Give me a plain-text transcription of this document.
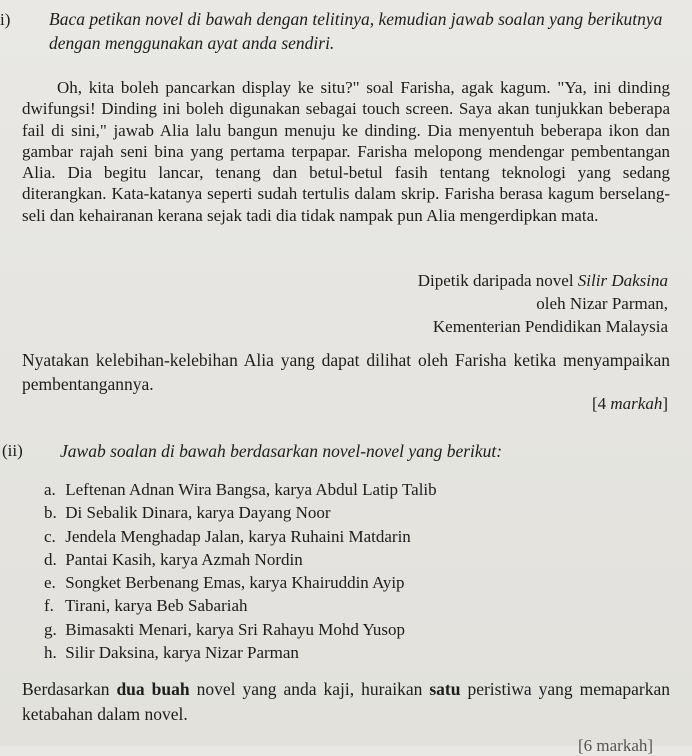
i) Baca petikan novel di bawah dengan telitinya, kemudian jawab soalan yang berikutnya dengan menggunakan ayat anda sendiri.

Oh, kita boleh pancarkan display ke situ?" soal Farisha, agak kagum. "Ya, ini dinding dwifungsi! Dinding ini boleh digunakan sebagai touch screen. Saya akan tunjukkan beberapa fail di sini," jawab Alia lalu bangun menuju ke dinding. Dia menyentuh beberapa ikon dan gambar rajah seni bina yang pertama terpapar. Farisha melopong mendengar pembentangan Alia. Dia begitu lancar, tenang dan betul-betul fasih tentang teknologi yang sedang diterangkan. Kata-katanya seperti sudah tertulis dalam skrip. Farisha berasa kagum berselang-seli dan kehairanan kerana sejak tadi dia tidak nampak pun Alia mengerdipkan mata.

Dipetik daripada novel Silir Daksina
oleh Nizar Parman,
Kementerian Pendidikan Malaysia
Nyatakan kelebihan-kelebihan Alia yang dapat dilihat oleh Farisha ketika menyampaikan pembentangannya.
[4 markah]
(ii) Jawab soalan di bawah berdasarkan novel-novel yang berikut:
a. Leftenan Adnan Wira Bangsa, karya Abdul Latip Talib
b. Di Sebalik Dinara, karya Dayang Noor
c. Jendela Menghadap Jalan, karya Ruhaini Matdarin
d. Pantai Kasih, karya Azmah Nordin
e. Songket Berbenang Emas, karya Khairuddin Ayip
f. Tirani, karya Beb Sabariah
g. Bimasakti Menari, karya Sri Rahayu Mohd Yusop
h. Silir Daksina, karya Nizar Parman
Berdasarkan dua buah novel yang anda kaji, huraikan satu peristiwa yang memaparkan ketabahan dalam novel.
[6 markah]
